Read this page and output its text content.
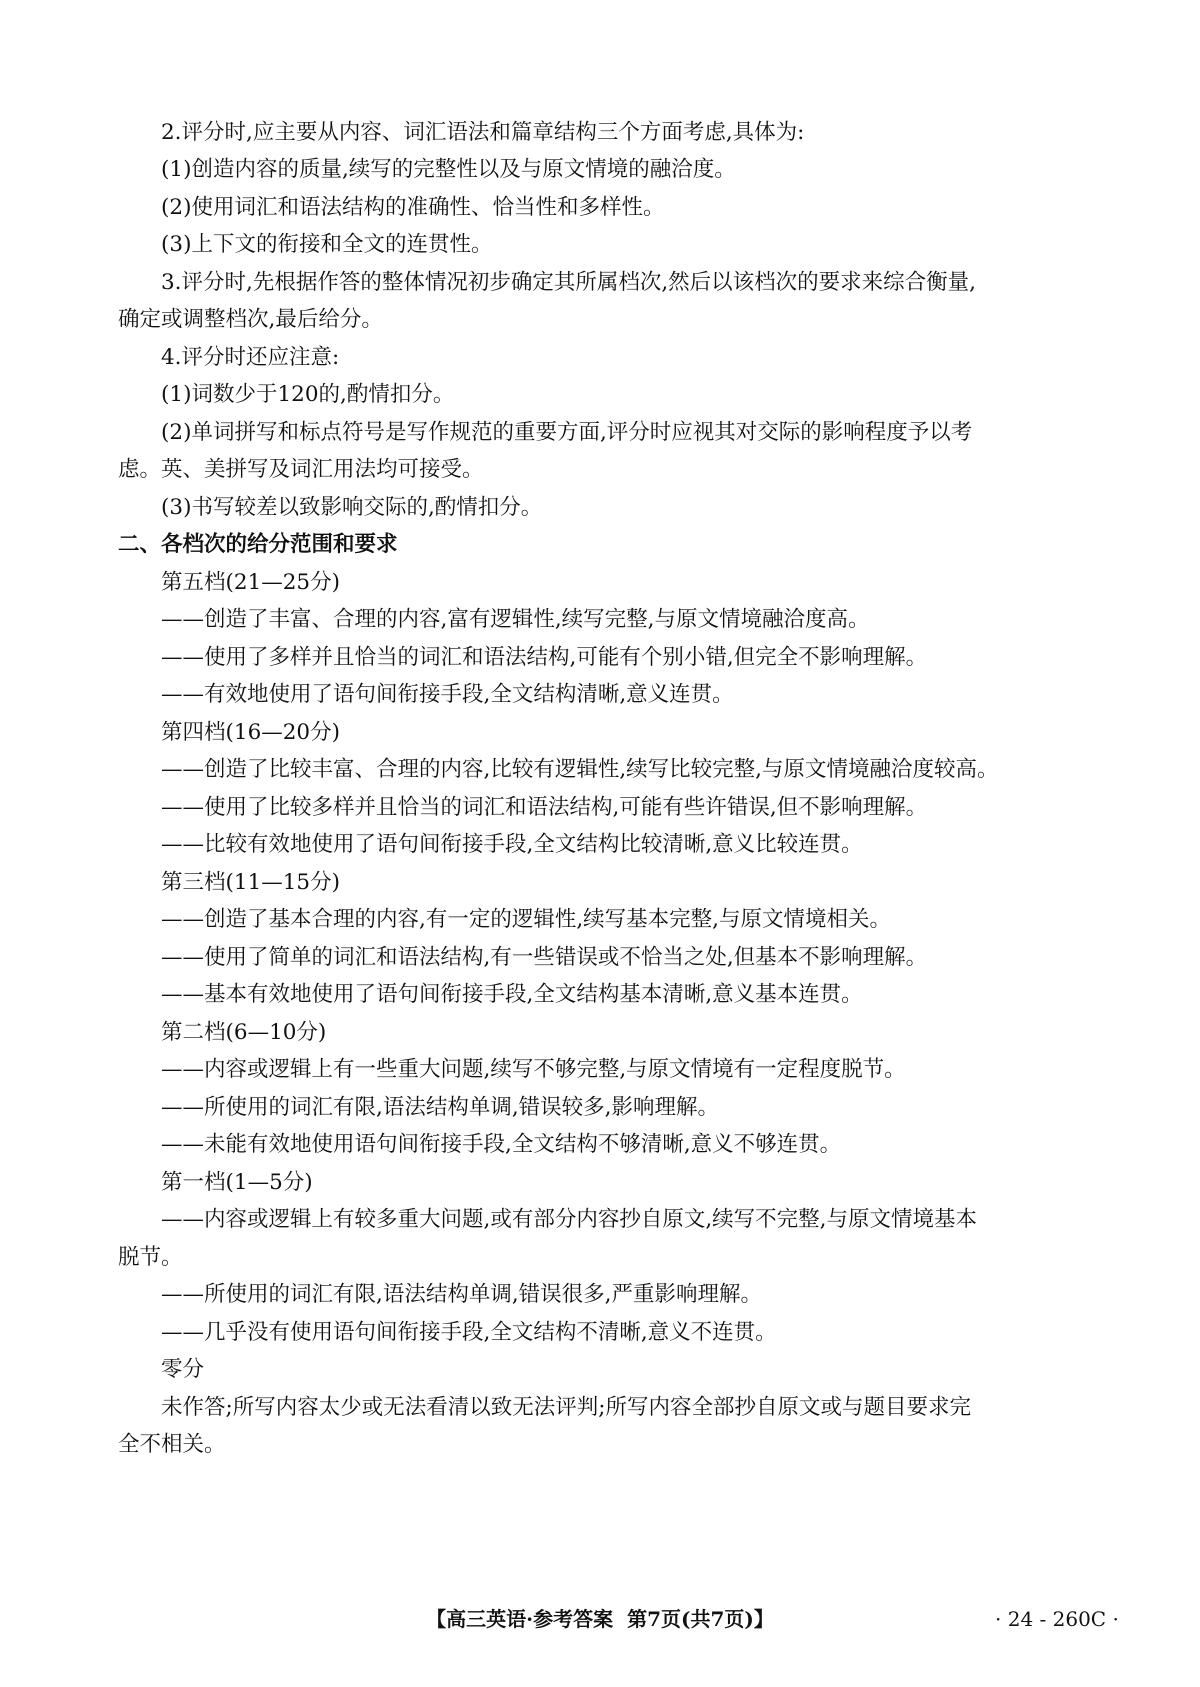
2.评分时,应主要从内容、词汇语法和篇章结构三个方面考虑,具体为:
(1)创造内容的质量,续写的完整性以及与原文情境的融洽度。
(2)使用词汇和语法结构的准确性、恰当性和多样性。
(3)上下文的衔接和全文的连贯性。
3.评分时,先根据作答的整体情况初步确定其所属档次,然后以该档次的要求来综合衡量,
确定或调整档次,最后给分。
4.评分时还应注意:
(1)词数少于120的,酌情扣分。
(2)单词拼写和标点符号是写作规范的重要方面,评分时应视其对交际的影响程度予以考
虑。英、美拼写及词汇用法均可接受。
(3)书写较差以致影响交际的,酌情扣分。
二、各档次的给分范围和要求
第五档(21—25分)
——创造了丰富、合理的内容,富有逻辑性,续写完整,与原文情境融洽度高。
——使用了多样并且恰当的词汇和语法结构,可能有个别小错,但完全不影响理解。
——有效地使用了语句间衔接手段,全文结构清晰,意义连贯。
第四档(16—20分)
——创造了比较丰富、合理的内容,比较有逻辑性,续写比较完整,与原文情境融洽度较高。
——使用了比较多样并且恰当的词汇和语法结构,可能有些许错误,但不影响理解。
——比较有效地使用了语句间衔接手段,全文结构比较清晰,意义比较连贯。
第三档(11—15分)
——创造了基本合理的内容,有一定的逻辑性,续写基本完整,与原文情境相关。
——使用了简单的词汇和语法结构,有一些错误或不恰当之处,但基本不影响理解。
——基本有效地使用了语句间衔接手段,全文结构基本清晰,意义基本连贯。
第二档(6—10分)
——内容或逻辑上有一些重大问题,续写不够完整,与原文情境有一定程度脱节。
——所使用的词汇有限,语法结构单调,错误较多,影响理解。
——未能有效地使用语句间衔接手段,全文结构不够清晰,意义不够连贯。
第一档(1—5分)
——内容或逻辑上有较多重大问题,或有部分内容抄自原文,续写不完整,与原文情境基本
脱节。
——所使用的词汇有限,语法结构单调,错误很多,严重影响理解。
——几乎没有使用语句间衔接手段,全文结构不清晰,意义不连贯。
零分
未作答;所写内容太少或无法看清以致无法评判;所写内容全部抄自原文或与题目要求完
全不相关。
【高三英语·参考答案 第7页(共7页)】	· 24 - 260C ·
